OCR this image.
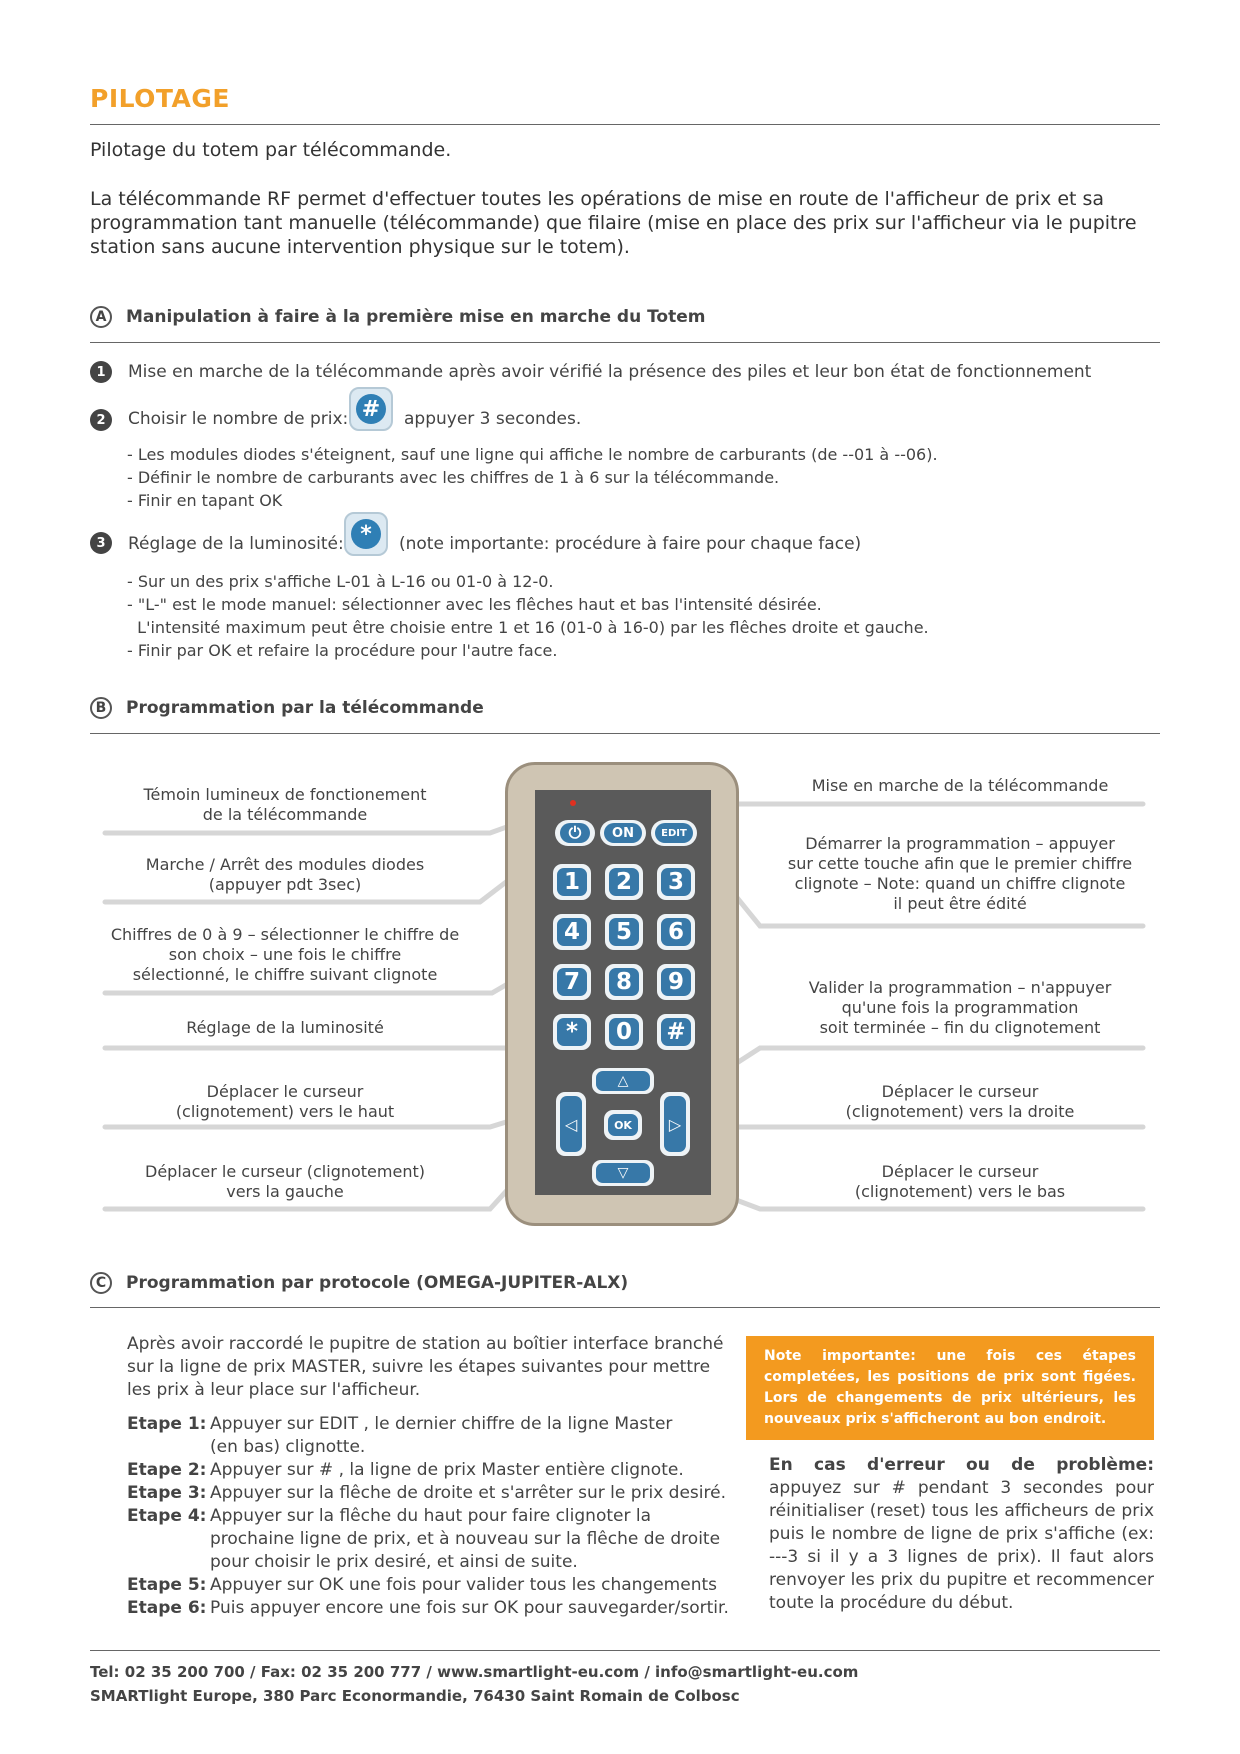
PILOTAGE

Pilotage du totem par télécommande.

La télécommande RF permet d'effectuer toutes les opérations de mise en route de l'afficheur de prix et sa programmation tant manuelle (télécommande) que filaire (mise en place des prix sur l'afficheur via le pupitre station sans aucune intervention physique sur le totem).

A	Manipulation à faire à la première mise en marche du Totem
1	Mise en marche de la télécommande après avoir vérifié la présence des piles et leur bon état de fonctionnement
2	Choisir le nombre de prix: #	appuyer 3 secondes.

- Les modules diodes s'éteignent, sauf une ligne qui affiche le nombre de carburants (de --01 à --06).

- Définir le nombre de carburants avec les chiffres de 1 à 6 sur la télécommande.

- Finir en tapant OK

3	Réglage de la luminosité: *	(note importante: procédure à faire pour chaque face)

- Sur un des prix s'affiche L-01 à L-16 ou 01-0 à 12-0.

- "L-" est le mode manuel: sélectionner avec les flêches haut et bas l'intensité désirée.

L'intensité maximum peut être choisie entre 1 et 16 (01-0 à 16-0) par les flêches droite et gauche.

- Finir par OK et refaire la procédure pour l'autre face.

B	Programmation par la télécommande
⏻	ON	EDIT
1	2	3
4	5	6
7	8	9
*	0	#
△
▽
◁	▷
OK
Témoin lumineux de fonctionement
de la télécommande
Marche / Arrêt des modules diodes
(appuyer pdt 3sec)
Chiffres de 0 à 9 – sélectionner le chiffre de
son choix – une fois le chiffre
sélectionné, le chiffre suivant clignote
Réglage de la luminosité
Déplacer le curseur
(clignotement) vers le haut
Déplacer le curseur (clignotement)
vers la gauche
Mise en marche de la télécommande
Démarrer la programmation – appuyer
sur cette touche afin que le premier chiffre
clignote – Note: quand un chiffre clignote
il peut être édité
Valider la programmation – n'appuyer
qu'une fois la programmation
soit terminée – fin du clignotement
Déplacer le curseur
(clignotement) vers la droite
Déplacer le curseur
(clignotement) vers le bas
C	Programmation par protocole (OMEGA-JUPITER-ALX)

Après avoir raccordé le pupitre de station au boîtier interface branché sur la ligne de prix MASTER, suivre les étapes suivantes pour mettre les prix à leur place sur l'afficheur.

Etape 1: Appuyer sur EDIT , le dernier chiffre de la ligne Master
(en bas) clignotte.
Etape 2: Appuyer sur # , la ligne de prix Master entière clignote.
Etape 3: Appuyer sur la flêche de droite et s'arrêter sur le prix desiré.
Etape 4: Appuyer sur la flêche du haut pour faire clignoter la
prochaine ligne de prix, et à nouveau sur la flêche de droite
pour choisir le prix desiré, et ainsi de suite.
Etape 5: Appuyer sur OK une fois pour valider tous les changements
Etape 6: Puis appuyer encore une fois sur OK pour sauvegarder/sortir.
Note importante: une fois ces étapes completées, les positions de prix sont figées. Lors de changements de prix ultérieurs, les nouveaux prix s'afficheront au bon endroit.

En cas d'erreur ou de problème: appuyez sur # pendant 3 secondes pour réinitialiser (reset) tous les afficheurs de prix puis le nombre de ligne de prix s'affiche (ex: ---3 si il y a 3 lignes de prix). Il faut alors renvoyer les prix du pupitre et recommencer toute la procédure du début.

Tel: 02 35 200 700 / Fax: 02 35 200 777 / www.smartlight-eu.com / info@smartlight-eu.com
SMARTlight Europe, 380 Parc Econormandie, 76430 Saint Romain de Colbosc
